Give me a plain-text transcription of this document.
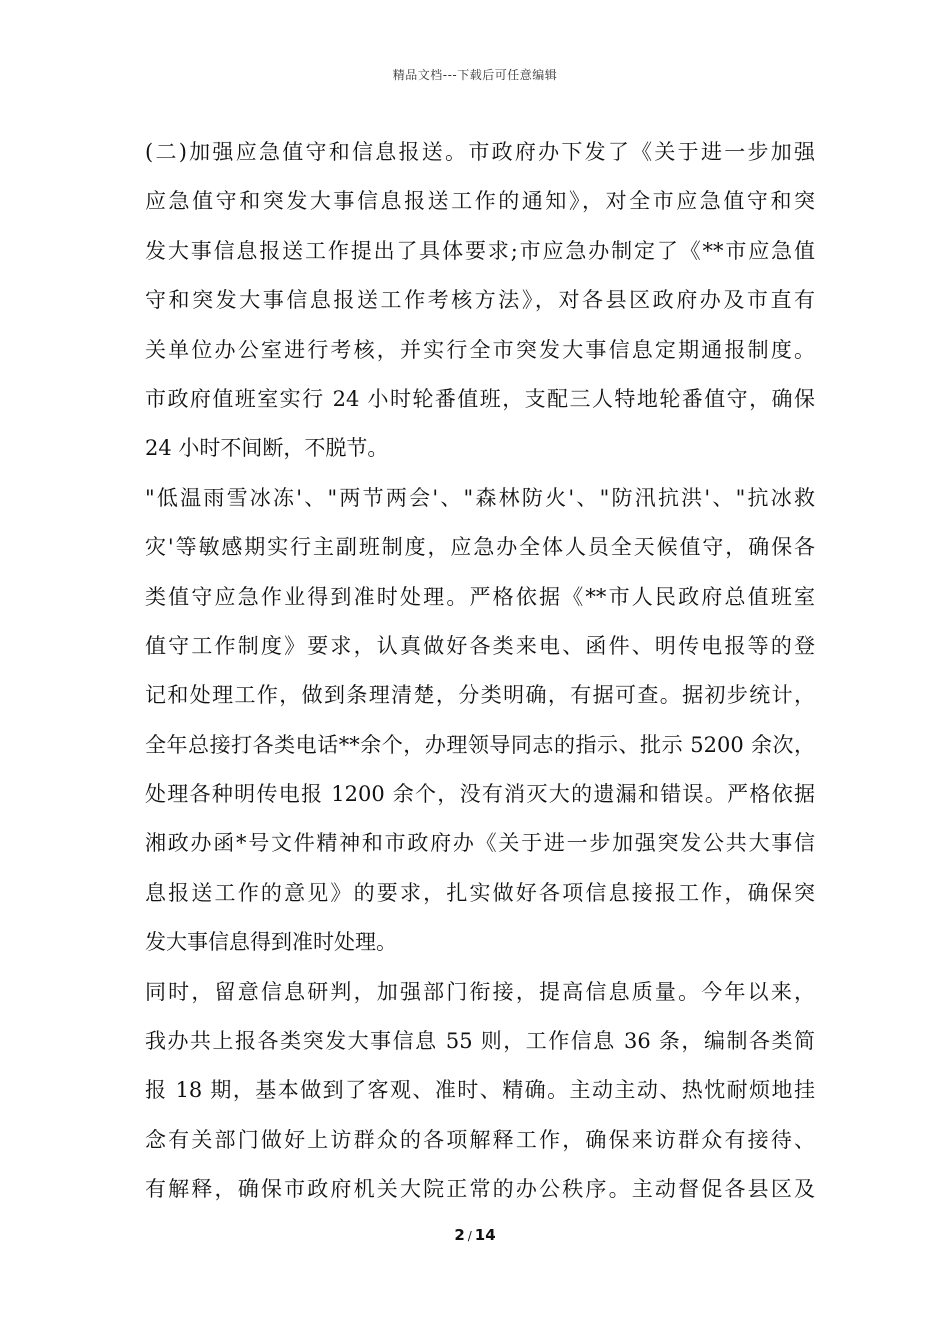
精品文档---下载后可任意编辑
(二)加强应急值守和信息报送。市政府办下发了《关于进一步加强
应急值守和突发大事信息报送工作的通知》，对全市应急值守和突
发大事信息报送工作提出了具体要求;市应急办制定了《**市应急值
守和突发大事信息报送工作考核方法》，对各县区政府办及市直有
关单位办公室进行考核，并实行全市突发大事信息定期通报制度。
市政府值班室实行 24 小时轮番值班，支配三人特地轮番值守，确保
24 小时不间断，不脱节。
"低温雨雪冰冻'、"两节两会'、"森林防火'、"防汛抗洪'、"抗冰救
灾'等敏感期实行主副班制度，应急办全体人员全天候值守，确保各
类值守应急作业得到准时处理。严格依据《**市人民政府总值班室
值守工作制度》要求，认真做好各类来电、函件、明传电报等的登
记和处理工作，做到条理清楚，分类明确，有据可查。据初步统计，
全年总接打各类电话**余个，办理领导同志的指示、批示 5200 余次，
处理各种明传电报 1200 余个，没有消灭大的遗漏和错误。严格依据
湘政办函*号文件精神和市政府办《关于进一步加强突发公共大事信
息报送工作的意见》的要求，扎实做好各项信息接报工作，确保突
发大事信息得到准时处理。
同时，留意信息研判，加强部门衔接，提高信息质量。今年以来，
我办共上报各类突发大事信息 55 则，工作信息 36 条，编制各类简
报 18 期，基本做到了客观、准时、精确。主动主动、热忱耐烦地挂
念有关部门做好上访群众的各项解释工作，确保来访群众有接待、
有解释，确保市政府机关大院正常的办公秩序。主动督促各县区及
2 / 14
